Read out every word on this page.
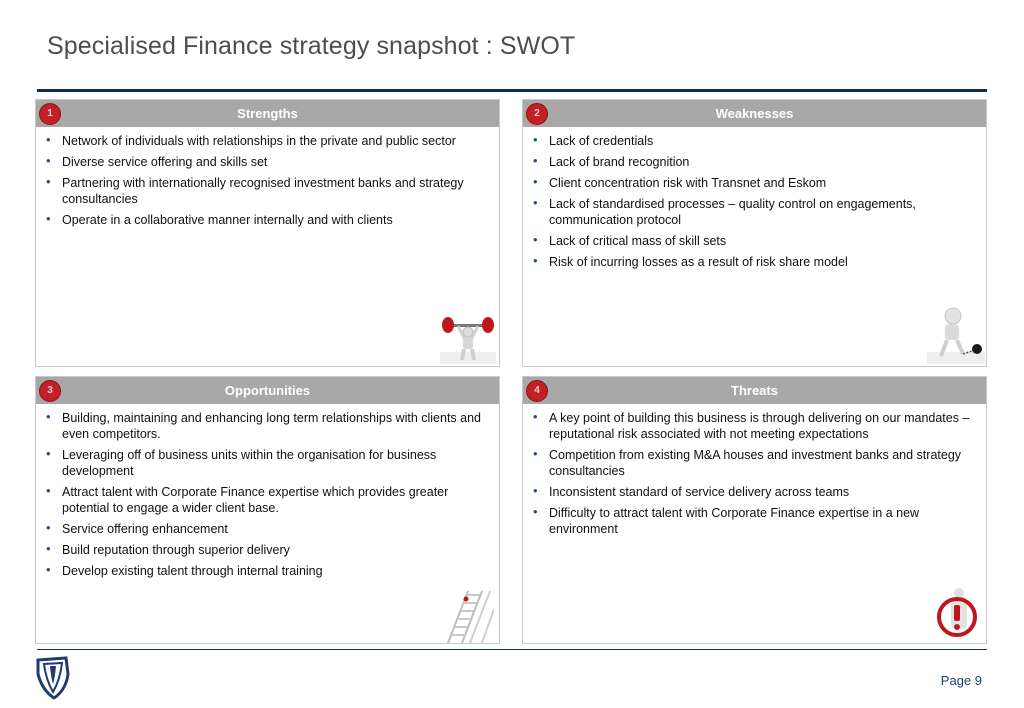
Specialised Finance strategy snapshot : SWOT
1	Strengths
• Network of individuals with relationships in the private and public sector
• Diverse service offering and skills set
• Partnering with internationally recognised investment banks and strategy consultancies
• Operate in a collaborative manner internally and with clients
2	Weaknesses
• Lack of credentials
• Lack of brand recognition
• Client concentration risk with Transnet and Eskom
• Lack of standardised processes – quality control on engagements, communication protocol
• Lack of critical mass of skill sets
• Risk of incurring losses as a result of risk share model
3	Opportunities
• Building, maintaining and enhancing long term relationships with clients and even competitors.
• Leveraging off of business units within the organisation for business development
• Attract talent with Corporate Finance expertise which provides greater potential to engage a wider client base.
• Service offering enhancement
• Build reputation through superior delivery
• Develop existing talent through internal training
4	Threats
• A key point of building this business is through delivering on our mandates – reputational risk associated with not meeting expectations
• Competition from existing M&A houses and investment banks and strategy consultancies
• Inconsistent standard of service delivery across teams
• Difficulty to attract talent with Corporate Finance expertise in a new environment
Page 9
